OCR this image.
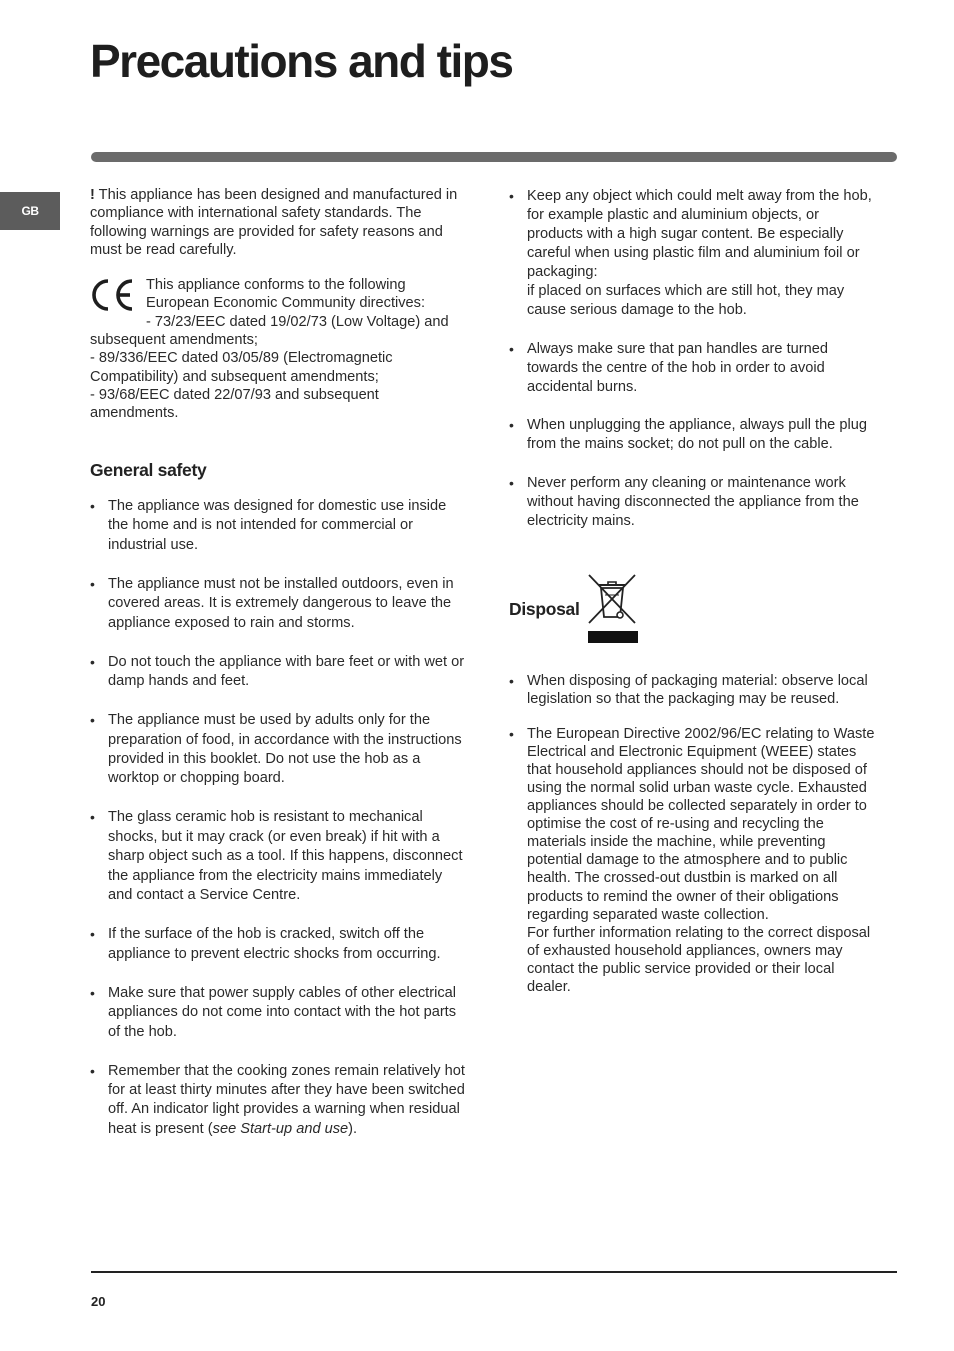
Precautions and tips
GB

! This appliance has been designed and manufactured in compliance with international safety standards. The following warnings are provided for safety reasons and must be read carefully.

This appliance conforms to the following European Economic Community directives:

- 73/23/EEC dated 19/02/73 (Low Voltage) and subsequent amendments;

- 89/336/EEC dated 03/05/89 (Electromagnetic Compatibility) and subsequent amendments;

- 93/68/EEC dated 22/07/93 and subsequent amendments.

General safety
• The appliance was designed for domestic use inside the home and is not intended for commercial or industrial use.
• The appliance must not be installed outdoors, even in covered areas. It is extremely dangerous to leave the appliance exposed to rain and storms.
• Do not touch the appliance with bare feet or with wet or damp hands and feet.
• The appliance must be used by adults only for the preparation of food, in accordance with the instructions provided in this booklet. Do not use the hob as a worktop or chopping board.
• The glass ceramic hob is resistant to mechanical shocks, but it may crack (or even break) if hit with a sharp object such as a tool. If this happens, disconnect the appliance from the electricity mains immediately and contact a Service Centre.
• If the surface of the hob is cracked, switch off the appliance to prevent electric shocks from occurring.
• Make sure that power supply cables of other electrical appliances do not come into contact with the hot parts of the hob.
• Remember that the cooking zones remain relatively hot for at least thirty minutes after they have been switched off. An indicator light provides a warning when residual heat is present (see Start-up and use).
• Keep any object which could melt away from the hob, for example plastic and aluminium objects, or products with a high sugar content. Be especially careful when using plastic film and aluminium foil or packaging:
if placed on surfaces which are still hot, they may cause serious damage to the hob.
• Always make sure that pan handles are turned towards the centre of the hob in order to avoid accidental burns.
• When unplugging the appliance, always pull the plug from the mains socket; do not pull on the cable.
• Never perform any cleaning or maintenance work without having disconnected the appliance from the electricity mains.
Disposal
• When disposing of packaging material: observe local legislation so that the packaging may be reused.
• The European Directive 2002/96/EC relating to Waste Electrical and Electronic Equipment (WEEE) states that household appliances should not be disposed of using the normal solid urban waste cycle. Exhausted appliances should be collected separately in order to optimise the cost of re-using and recycling the materials inside the machine, while preventing potential damage to the atmosphere and to public health. The crossed-out dustbin is marked on all products to remind the owner of their obligations regarding separated waste collection.
For further information relating to the correct disposal of exhausted household appliances, owners may contact the public service provided or their local dealer.
20
